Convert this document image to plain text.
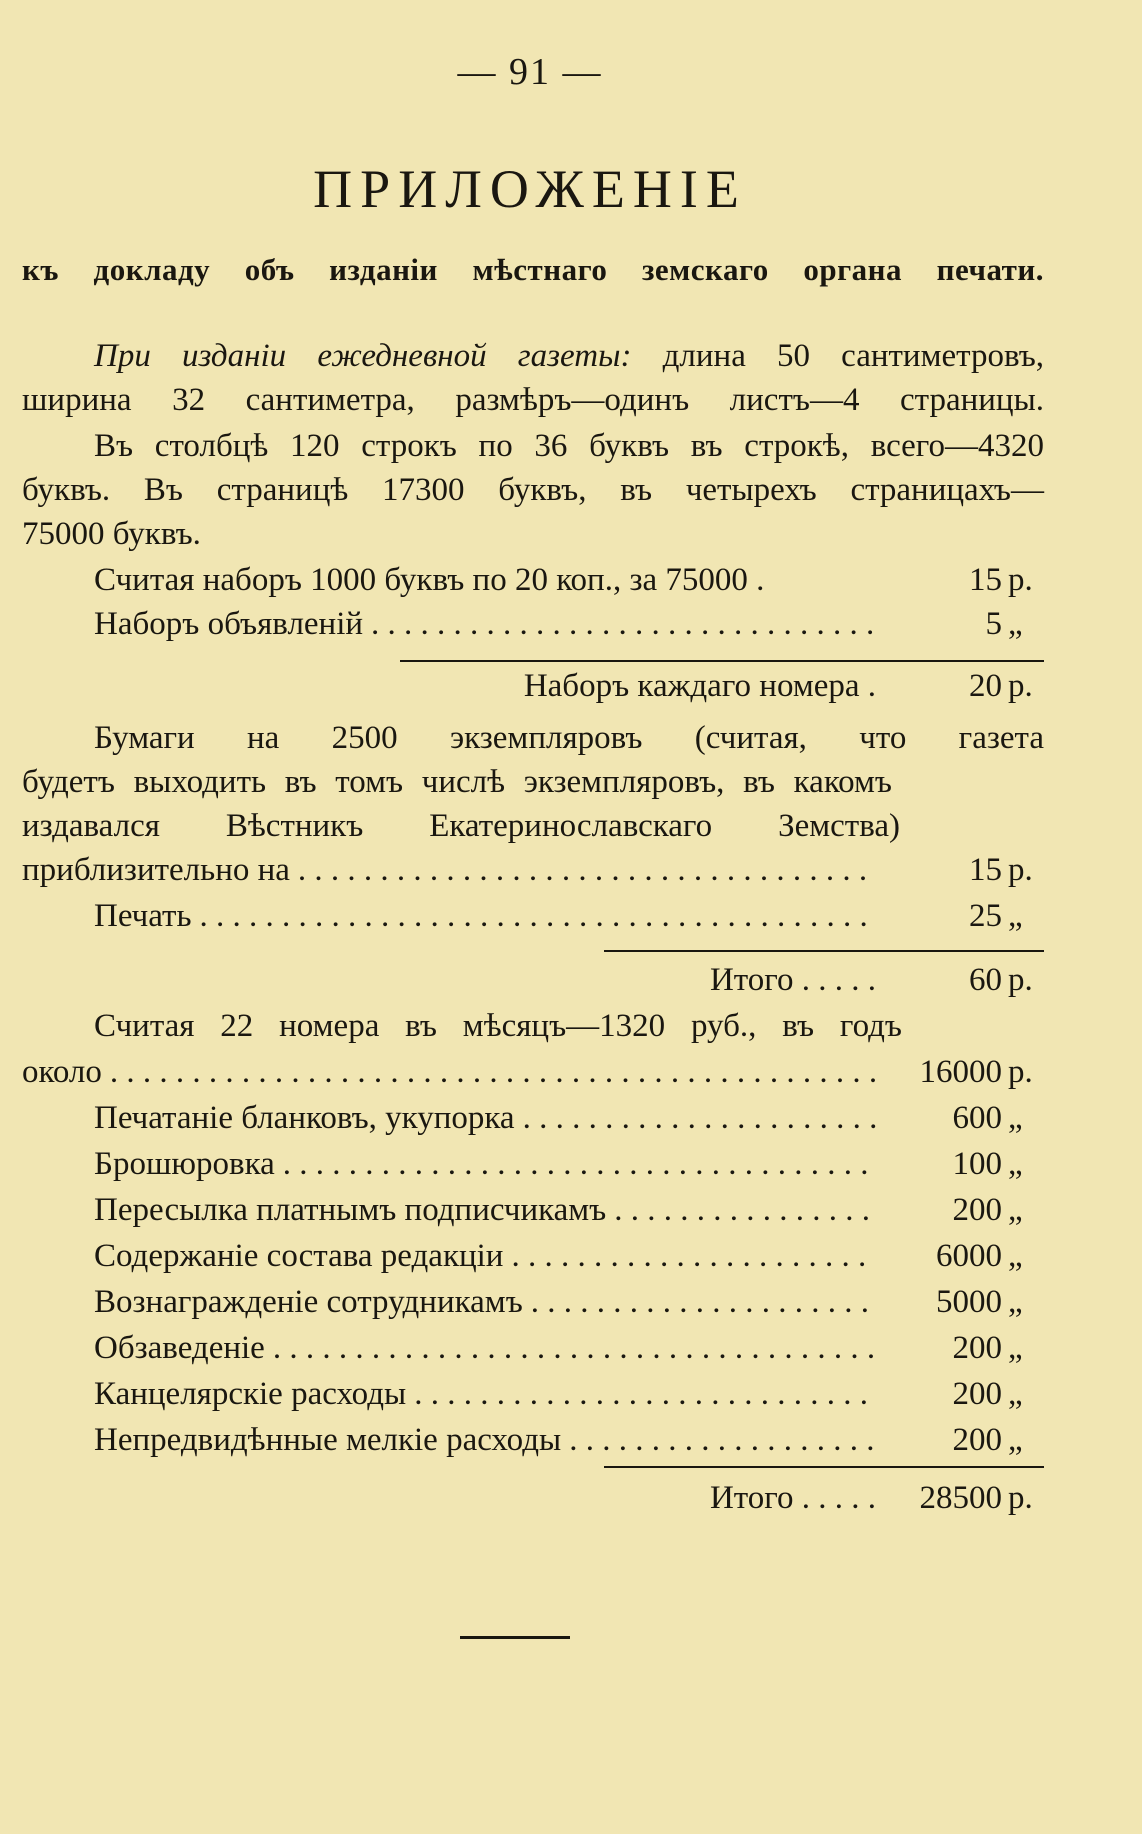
— 91 —
ПРИЛОЖЕНІЕ
къ докладу объ изданіи мѣстнаго земскаго органа печати.
При изданіи ежедневной газеты: длина 50 сантиметровъ,
ширина 32 сантиметра, размѣръ—одинъ листъ—4 страницы.
Въ столбцѣ 120 строкъ по 36 буквъ въ строкѣ, всего—4320
буквъ. Въ страницѣ 17300 буквъ, въ четырехъ страницахъ—
75000 буквъ.
Считая наборъ 1000 буквъ по 20 коп., за 75000 .	15 р.
Наборъ объявленій . . .	5 „
Наборъ каждаго номера .	20 р.
Бумаги на 2500 экземпляровъ (считая, что газета
будетъ выходить въ томъ числѣ экземпляровъ, въ какомъ
издавался Вѣстникъ Екатеринославскаго Земства)
приблизительно на . . .	15 р.
Печать . . .	25 „
Итого . . . . .	60 р.
Считая 22 номера въ мѣсяцъ—1320 руб., въ годъ
около . . .	16000 р.
Печатаніе бланковъ, укупорка . . .	600 „
Брошюровка . . .	100 „
Пересылка платнымъ подписчикамъ . . .	200 „
Содержаніе состава редакціи . . .	6000 „
Вознагражденіе сотрудникамъ . . .	5000 „
Обзаведеніе . . .	200 „
Канцелярскіе расходы . . .	200 „
Непредвидѣнные мелкіе расходы . . .	200 „
Итого . . . . .	28500 р.
